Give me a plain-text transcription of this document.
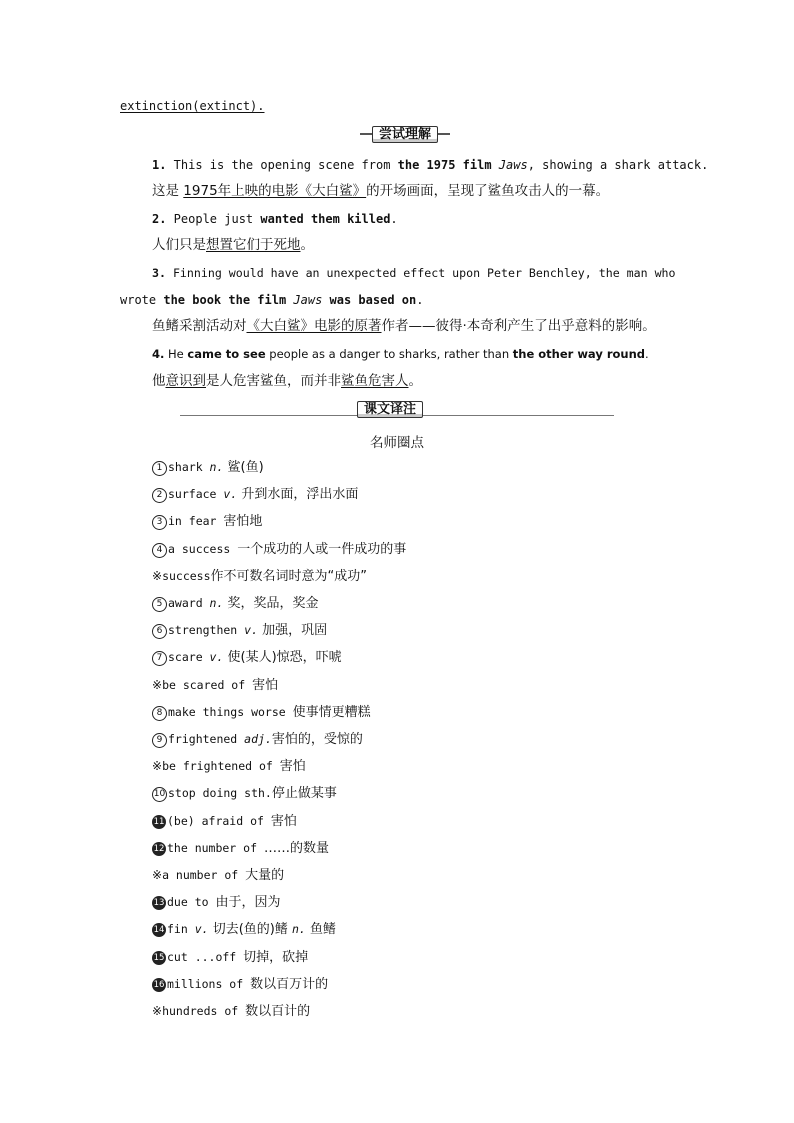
extinction(extinct).
尝试理解
1. This is the opening scene from the 1975 film Jaws, showing a shark attack.
这是 1975年上映的电影《大白鲨》的开场画面，呈现了鲨鱼攻击人的一幕。
2. People just wanted them killed.
人们只是想置它们于死地。
3. Finning would have an unexpected effect upon Peter Benchley, the man who
wrote the book the film Jaws was based on.
鱼鳍采割活动对《大白鲨》电影的原著作者——彼得·本奇利产生了出乎意料的影响。
4. He came to see people as a danger to sharks, rather than the other way round.
他意识到是人危害鲨鱼，而并非鲨鱼危害人。
课文译注
名师圈点
1 shark n. 鲨(鱼)
2 surface v. 升到水面，浮出水面
3 in fear 害怕地
4 a success 一个成功的人或一件成功的事
※success作不可数名词时意为“成功”
5 award n. 奖，奖品，奖金
6 strengthen v. 加强，巩固
7 scare v. 使(某人)惊恐，吓唬
※be scared of 害怕
8 make things worse 使事情更糟糕
9 frightened adj.害怕的，受惊的
※be frightened of 害怕
10 stop doing sth.停止做某事
11 (be) afraid of 害怕
12 the number of ……的数量
※a number of 大量的
13 due to 由于，因为
14 fin v. 切去(鱼的)鳍 n. 鱼鳍
15 cut ...off 切掉，砍掉
16 millions of 数以百万计的
※hundreds of 数以百计的
